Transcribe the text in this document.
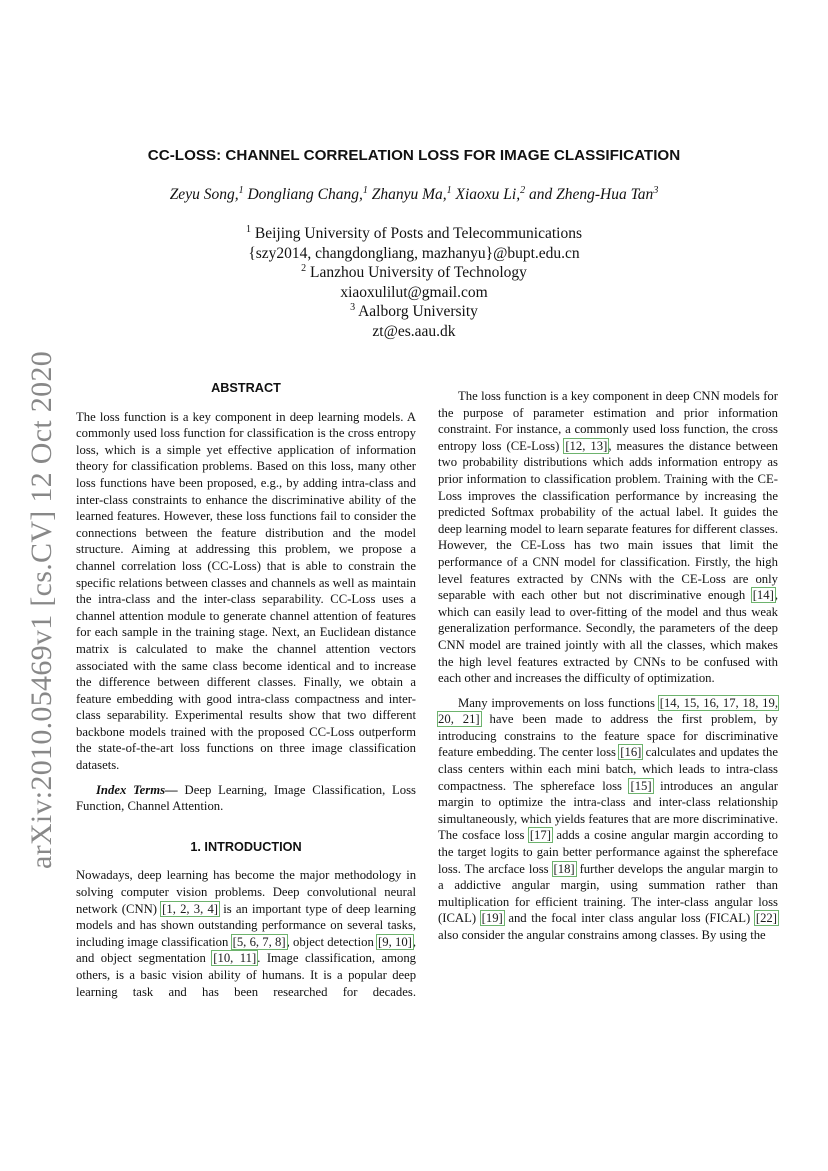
arXiv:2010.05469v1 [cs.CV] 12 Oct 2020
CC-LOSS: CHANNEL CORRELATION LOSS FOR IMAGE CLASSIFICATION
Zeyu Song,$^1$ Dongliang Chang,$^1$ Zhanyu Ma,$^1$ Xiaoxu Li,$^2$ and Zheng-Hua Tan$^3$
$^1$ Beijing University of Posts and Telecommunications
{szy2014, changdongliang, mazhanyu}@bupt.edu.cn
$^2$ Lanzhou University of Technology
xiaoxulilut@gmail.com
$^3$ Aalborg University
zt@es.aau.dk
ABSTRACT

The loss function is a key component in deep learning models. A commonly used loss function for classification is the cross entropy loss, which is a simple yet effective application of information theory for classification problems. Based on this loss, many other loss functions have been proposed, e.g., by adding intra-class and inter-class constraints to enhance the discriminative ability of the learned features. However, these loss functions fail to consider the connections between the feature distribution and the model structure. Aiming at addressing this problem, we propose a channel correlation loss (CC-Loss) that is able to constrain the specific relations between classes and channels as well as maintain the intra-class and the inter-class separability. CC-Loss uses a channel attention module to generate channel attention of features for each sample in the training stage. Next, an Euclidean distance matrix is calculated to make the channel attention vectors associated with the same class become identical and to increase the difference between different classes. Finally, we obtain a feature embedding with good intra-class compactness and inter-class separability. Experimental results show that two different backbone models trained with the proposed CC-Loss outperform the state-of-the-art loss functions on three image classification datasets.

Index Terms— Deep Learning, Image Classification, Loss Function, Channel Attention.

1. INTRODUCTION

Nowadays, deep learning has become the major methodology in solving computer vision problems. Deep convolutional neural network (CNN) [1, 2, 3, 4] is an important type of deep learning models and has shown outstanding performance on several tasks, including image classification [5, 6, 7, 8], object detection [9, 10], and object segmentation [10, 11]. Image classification, among others, is a basic vision ability of humans. It is a popular deep learning task and has been researched for decades.

The loss function is a key component in deep CNN models for the purpose of parameter estimation and prior information constraint. For instance, a commonly used loss function, the cross entropy loss (CE-Loss) [12, 13], measures the distance between two probability distributions which adds information entropy as prior information to classification problem. Training with the CE-Loss improves the classification performance by increasing the predicted Softmax probability of the actual label. It guides the deep learning model to learn separate features for different classes. However, the CE-Loss has two main issues that limit the performance of a CNN model for classification. Firstly, the high level features extracted by CNNs with the CE-Loss are only separable with each other but not discriminative enough [14], which can easily lead to over-fitting of the model and thus weak generalization performance. Secondly, the parameters of the deep CNN model are trained jointly with all the classes, which makes the high level features extracted by CNNs to be confused with each other and increases the difficulty of optimization.

Many improvements on loss functions [14, 15, 16, 17, 18, 19, 20, 21] have been made to address the first problem, by introducing constrains to the feature space for discriminative feature embedding. The center loss [16] calculates and updates the class centers within each mini batch, which leads to intra-class compactness. The sphereface loss [15] introduces an angular margin to optimize the intra-class and inter-class relationship simultaneously, which yields features that are more discriminative. The cosface loss [17] adds a cosine angular margin according to the target logits to gain better performance against the sphereface loss. The arcface loss [18] further develops the angular margin to a addictive angular margin, using summation rather than multiplication for efficient training. The inter-class angular loss (ICAL) [19] and the focal inter class angular loss (FICAL) [22] also consider the angular constrains among classes. By using the
